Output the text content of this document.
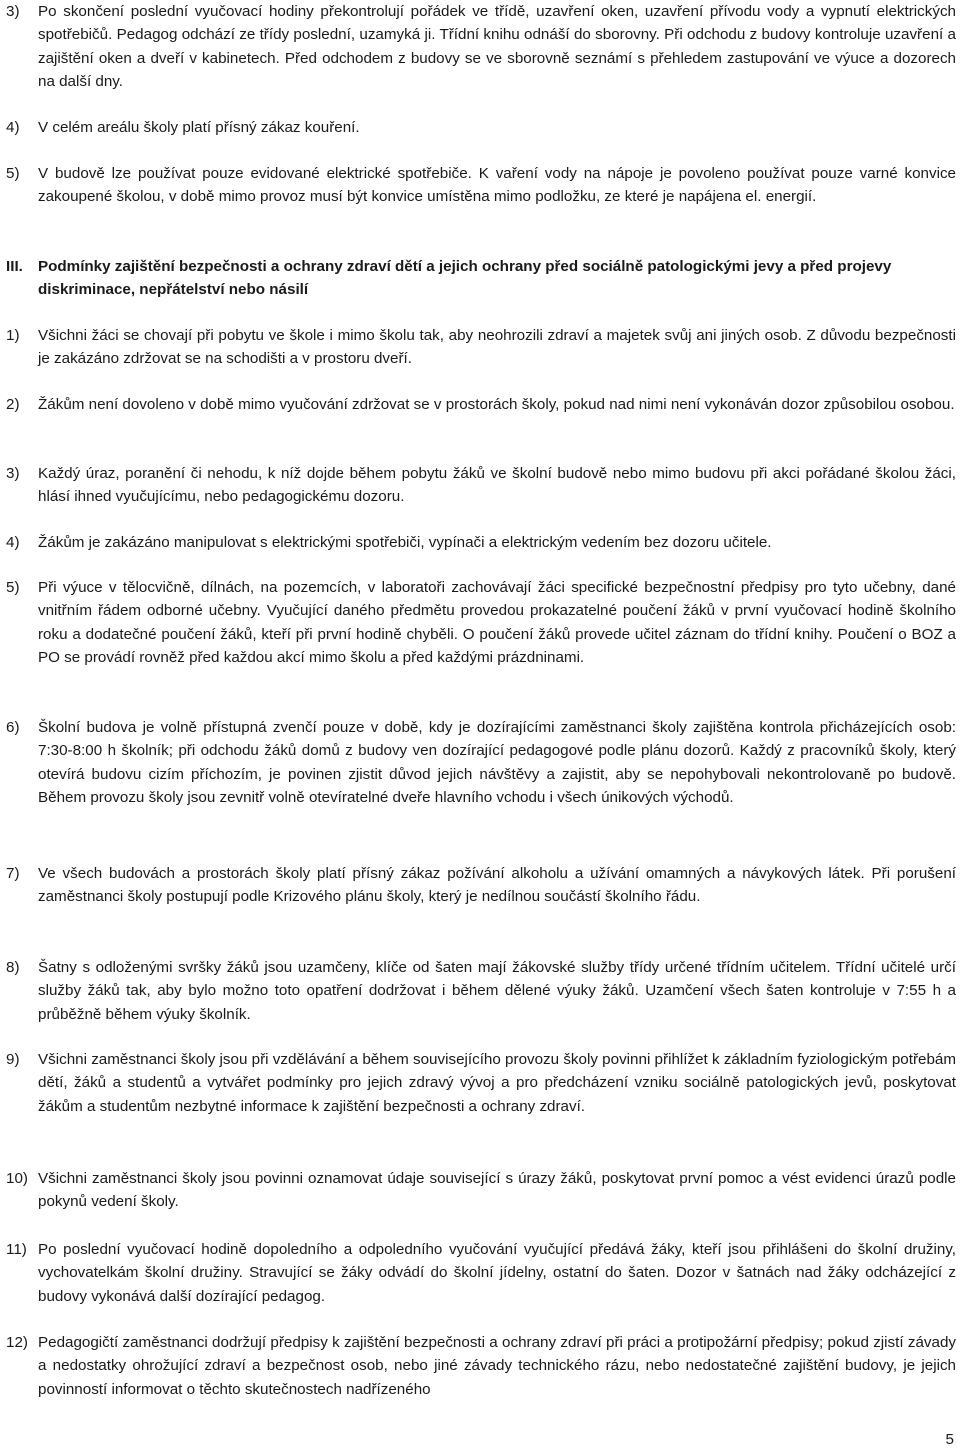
3)	Po skončení poslední vyučovací hodiny překontrolují pořádek ve třídě, uzavření oken, uzavření přívodu vody a vypnutí elektrických spotřebičů. Pedagog odchází ze třídy poslední, uzamyká ji. Třídní knihu odnáší do sborovny. Při odchodu z budovy kontroluje uzavření a zajištění oken a dveří v kabinetech. Před odchodem z budovy se ve sborovně seznámí s přehledem zastupování ve výuce a dozorech na další dny.
4)	V celém areálu školy platí přísný zákaz kouření.
5)	V budově lze používat pouze evidované elektrické spotřebiče. K vaření vody na nápoje je povoleno používat pouze varné konvice zakoupené školou, v době mimo provoz musí být konvice umístěna mimo podložku, ze které je napájena el. energií.
III. Podmínky zajištění bezpečnosti a ochrany zdraví dětí a jejich ochrany před sociálně patologickými jevy a před projevy diskriminace, nepřátelství nebo násilí
1)	Všichni žáci se chovají při pobytu ve škole i mimo školu tak, aby neohrozili zdraví a majetek svůj ani jiných osob. Z důvodu bezpečnosti je zakázáno zdržovat se na schodišti a v prostoru dveří.
2)	Žákům není dovoleno v době mimo vyučování zdržovat se v prostorách školy, pokud nad nimi není vykonáván dozor způsobilou osobou.
3)	Každý úraz, poranění či nehodu, k níž dojde během pobytu žáků ve školní budově nebo mimo budovu při akci pořádané školou žáci, hlásí ihned vyučujícímu, nebo pedagogickému dozoru.
4)	Žákům je zakázáno manipulovat s elektrickými spotřebiči, vypínači a elektrickým vedením bez dozoru učitele.
5)	Při výuce v tělocvičně, dílnách, na pozemcích, v laboratoři zachovávají žáci specifické bezpečnostní předpisy pro tyto učebny, dané vnitřním řádem odborné učebny. Vyučující daného předmětu provedou prokazatelné poučení žáků v první vyučovací hodině školního roku a dodatečné poučení žáků, kteří při první hodině chyběli. O poučení žáků provede učitel záznam do třídní knihy. Poučení o BOZ a PO se provádí rovněž před každou akcí mimo školu a před každými prázdninami.
6)	Školní budova je volně přístupná zvenčí pouze v době, kdy je dozírajícími zaměstnanci školy zajištěna kontrola přicházejících osob: 7:30-8:00 h školník; při odchodu žáků domů z budovy ven dozírající pedagogové podle plánu dozorů. Každý z pracovníků školy, který otevírá budovu cizím příchozím, je povinen zjistit důvod jejich návštěvy a zajistit, aby se nepohybovali nekontrolovaně po budově. Během provozu školy jsou zevnitř volně otevíratelné dveře hlavního vchodu i všech únikových východů.
7)	Ve všech budovách a prostorách školy platí přísný zákaz požívání alkoholu a užívání omamných a návykových látek. Při porušení zaměstnanci školy postupují podle Krizového plánu školy, který je nedílnou součástí školního řádu.
8)	Šatny s odloženými svršky žáků jsou uzamčeny, klíče od šaten mají žákovské služby třídy určené třídním učitelem. Třídní učitelé určí služby žáků tak, aby bylo možno toto opatření dodržovat i během dělené výuky žáků. Uzamčení všech šaten kontroluje v 7:55 h a průběžně během výuky školník.
9)	Všichni zaměstnanci školy jsou při vzdělávání a během souvisejícího provozu školy povinni přihlížet k základním fyziologickým potřebám dětí, žáků a studentů a vytvářet podmínky pro jejich zdravý vývoj a pro předcházení vzniku sociálně patologických jevů, poskytovat žákům a studentům nezbytné informace k zajištění bezpečnosti a ochrany zdraví.
10) Všichni zaměstnanci školy jsou povinni oznamovat údaje související s úrazy žáků, poskytovat první pomoc a vést evidenci úrazů podle pokynů vedení školy.
11) Po poslední vyučovací hodině dopoledního a odpoledního vyučování vyučující předává žáky, kteří jsou přihlášeni do školní družiny, vychovatelkám školní družiny. Stravující se žáky odvádí do školní jídelny, ostatní do šaten. Dozor v šatnách nad žáky odcházející z budovy vykonává další dozírající pedagog.
12) Pedagogičtí zaměstnanci dodržují předpisy k zajištění bezpečnosti a ochrany zdraví při práci a protipožární předpisy; pokud zjistí závady a nedostatky ohrožující zdraví a bezpečnost osob, nebo jiné závady technického rázu, nebo nedostatečné zajištění budovy, je jejich povinností informovat o těchto skutečnostech nadřízeného
5
